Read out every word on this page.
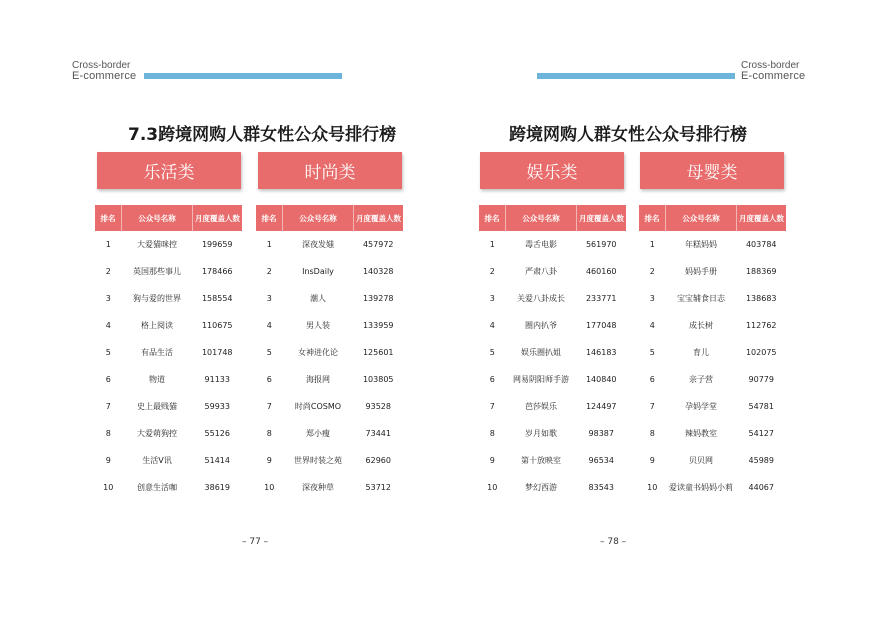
Cross-border
E-commerce
Cross-border
E-commerce
7.3跨境网购人群女性公众号排行榜	跨境网购人群女性公众号排行榜
乐活类	时尚类	娱乐类	母婴类
排名	公众号名称	月度覆盖人数
1	大爱猫咪控	199659
2	英国那些事儿	178466
3	狗与爱的世界	158554
4	格上阅读	110675
5	有品生活	101748
6	物道	91133
7	史上最贱猫	59933
8	大爱萌狗控	55126
9	生活V讯	51414
10	创意生活咖	38619
排名	公众号名称	月度覆盖人数
1	深夜发媸	457972
2	InsDaily	140328
3	潮人	139278
4	男人装	133959
5	女神进化论	125601
6	海报网	103805
7	时尚COSMO	93528
8	郑小瘦	73441
9	世界时装之苑	62960
10	深夜种草	53712
排名	公众号名称	月度覆盖人数
1	毒舌电影	561970
2	严肃八卦	460160
3	关爱八卦成长	233771
4	圈内扒爷	177048
5	娱乐圈扒姐	146183
6	网易阴阳师手游	140840
7	芭莎娱乐	124497
8	岁月如歌	98387
9	第十放映室	96534
10	梦幻西游	83543
排名	公众号名称	月度覆盖人数
1	年糕妈妈	403784
2	妈妈手册	188369
3	宝宝辅食日志	138683
4	成长树	112762
5	育儿	102075
6	亲子营	90779
7	孕妈学堂	54781
8	辣妈教室	54127
9	贝贝网	45989
10	爱读童书妈妈小莉	44067
– 77 –	– 78 –
